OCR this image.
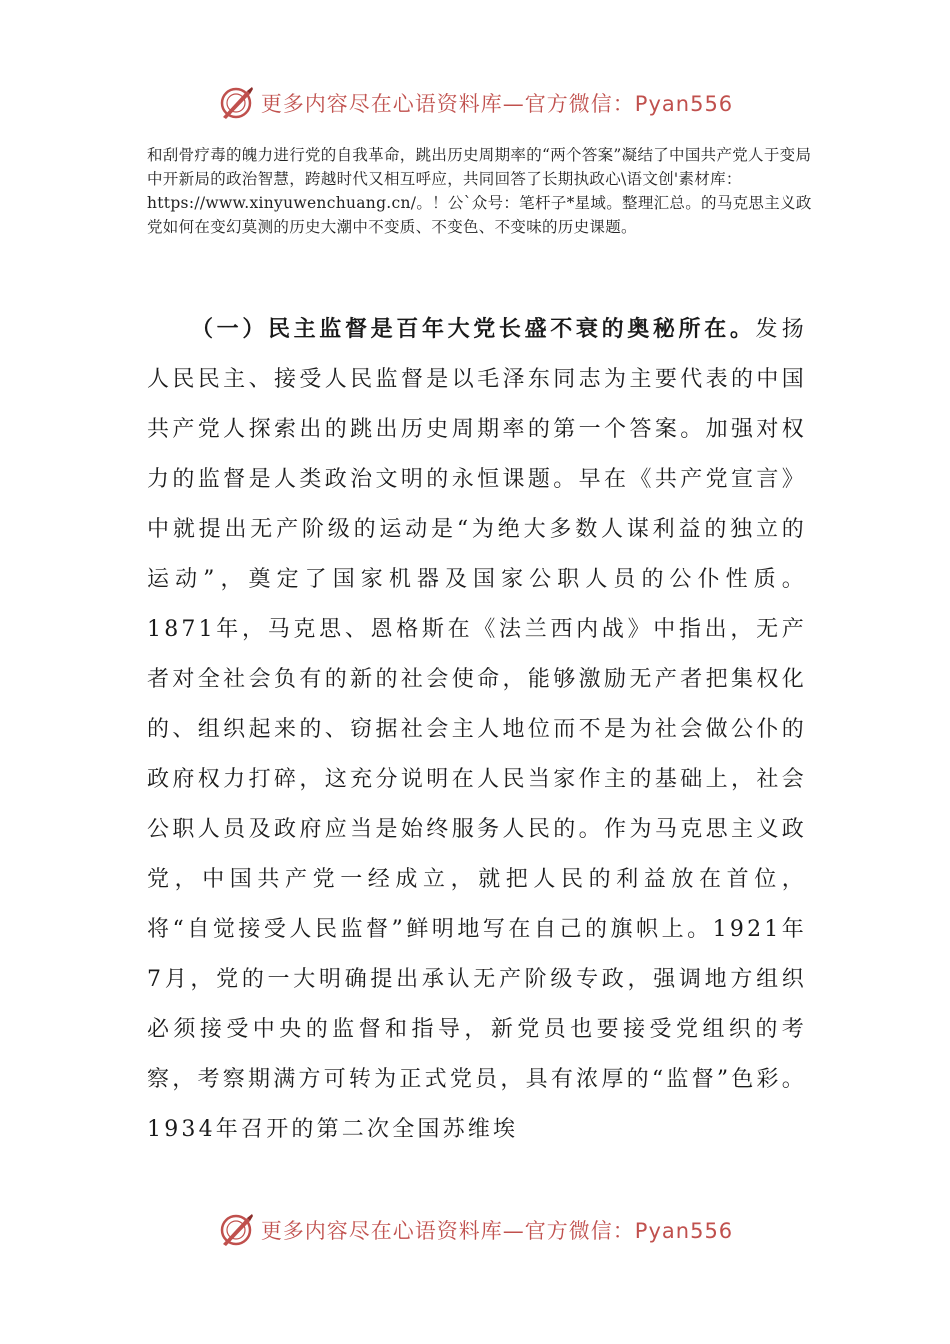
更多内容尽在心语资料库—官方微信：Pyan556

和刮骨疗毒的魄力进行党的自我革命，跳出历史周期率的“两个答案”凝结了中国共产党人于变局中开新局的政治智慧，跨越时代又相互呼应，共同回答了长期执政心\语文创'素材库：https://www.xinyuwenchuang.cn/。！公`众号：笔杆子*星域。整理汇总。的马克思主义政党如何在变幻莫测的历史大潮中不变质、不变色、不变味的历史课题。

（一）民主监督是百年大党长盛不衰的奥秘所在。发扬人民民主、接受人民监督是以毛泽东同志为主要代表的中国共产党人探索出的跳出历史周期率的第一个答案。加强对权力的监督是人类政治文明的永恒课题。早在《共产党宣言》中就提出无产阶级的运动是“为绝大多数人谋利益的独立的运动”，奠定了国家机器及国家公职人员的公仆性质。1871年，马克思、恩格斯在《法兰西内战》中指出，无产者对全社会负有的新的社会使命，能够激励无产者把集权化的、组织起来的、窃据社会主人地位而不是为社会做公仆的政府权力打碎，这充分说明在人民当家作主的基础上，社会公职人员及政府应当是始终服务人民的。作为马克思主义政党，中国共产党一经成立，就把人民的利益放在首位，将“自觉接受人民监督”鲜明地写在自己的旗帜上。1921年7月，党的一大明确提出承认无产阶级专政，强调地方组织必须接受中央的监督和指导，新党员也要接受党组织的考察，考察期满方可转为正式党员，具有浓厚的“监督”色彩。1934年召开的第二次全国苏维埃

更多内容尽在心语资料库—官方微信：Pyan556
